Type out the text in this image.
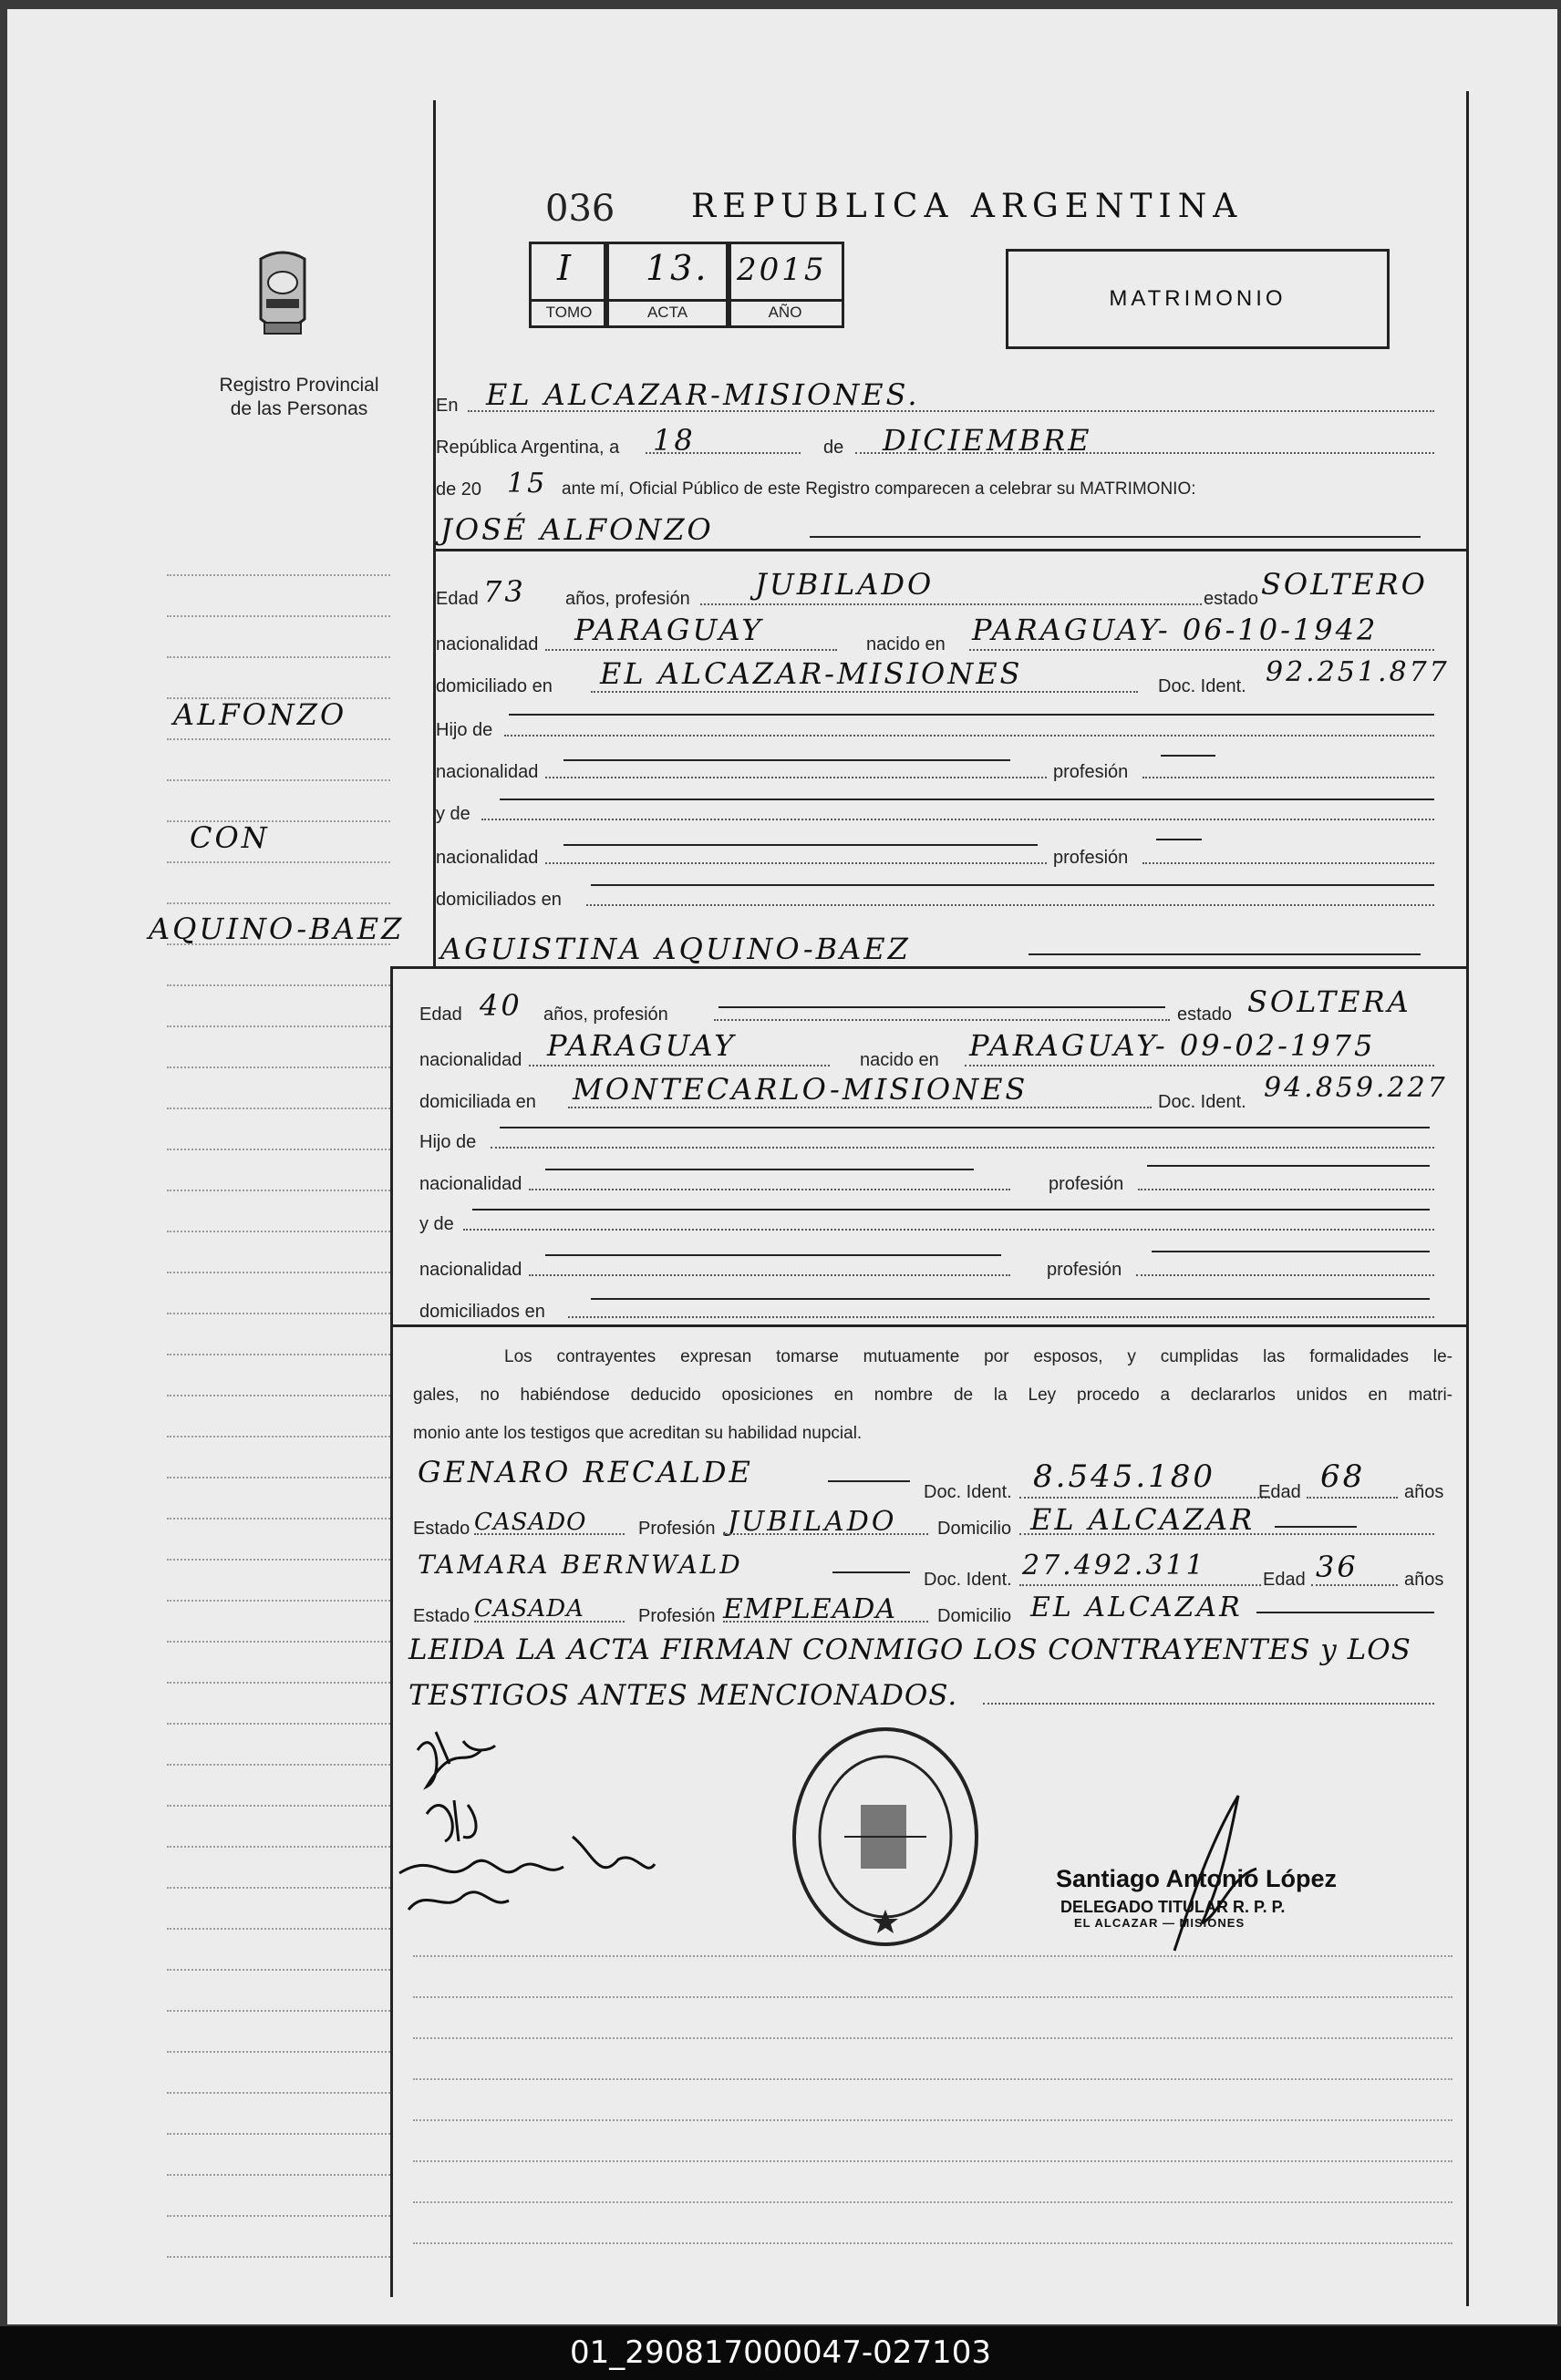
036 REPUBLICA ARGENTINA
I 13. 2015
TOMO	ACTA	AÑO
MATRIMONIO
Registro Provincial
de las Personas	En EL ALCAZAR-MISIONES.
República Argentina, a 18	de DICIEMBRE
de 20 15 ante mí, Oficial Público de este Registro comparecen a celebrar su MATRIMONIO:
JOSÉ ALFONZO
Edad 73 años, profesión JUBILADO	estado SOLTERO
nacionalidad PARAGUAY	nacido en PARAGUAY- 06-10-1942
domiciliado en EL ALCAZAR-MISIONES	Doc. Ident. 92.251.877
Hijo de
nacionalidad	profesión
y de
nacionalidad	profesión
domiciliados en
ALFONZO
CON
AQUINO-BAEZ
AGUISTINA AQUINO-BAEZ
Edad 40 años, profesión	estado SOLTERA
nacionalidad PARAGUAY	nacido en PARAGUAY- 09-02-1975
domiciliada en MONTECARLO-MISIONES	Doc. Ident. 94.859.227
Hijo de
nacionalidad	profesión
y de
nacionalidad	profesión
domiciliados en
Los contrayentes expresan tomarse mutuamente por esposos, y cumplidas las formalidades le-
gales, no habiéndose deducido oposiciones en nombre de la Ley procedo a declararlos unidos en matri-
monio ante los testigos que acreditan su habilidad nupcial.
GENARO RECALDE
Doc. Ident. 8.545.180 Edad 68 años
Estado CASADO	Profesión JUBILADO Domicilio EL ALCAZAR
TAMARA BERNWALD	Doc. Ident. 27.492.311	Edad 36	años
Estado CASADA	Profesión EMPLEADA Domicilio EL ALCAZAR
LEIDA LA ACTA FIRMAN CONMIGO LOS CONTRAYENTES y LOS
TESTIGOS ANTES MENCIONADOS.
Santiago Antonio López
DELEGADO TITULAR R. P. P.
EL ALCAZAR — MISIONES
01_290817000047-027103
